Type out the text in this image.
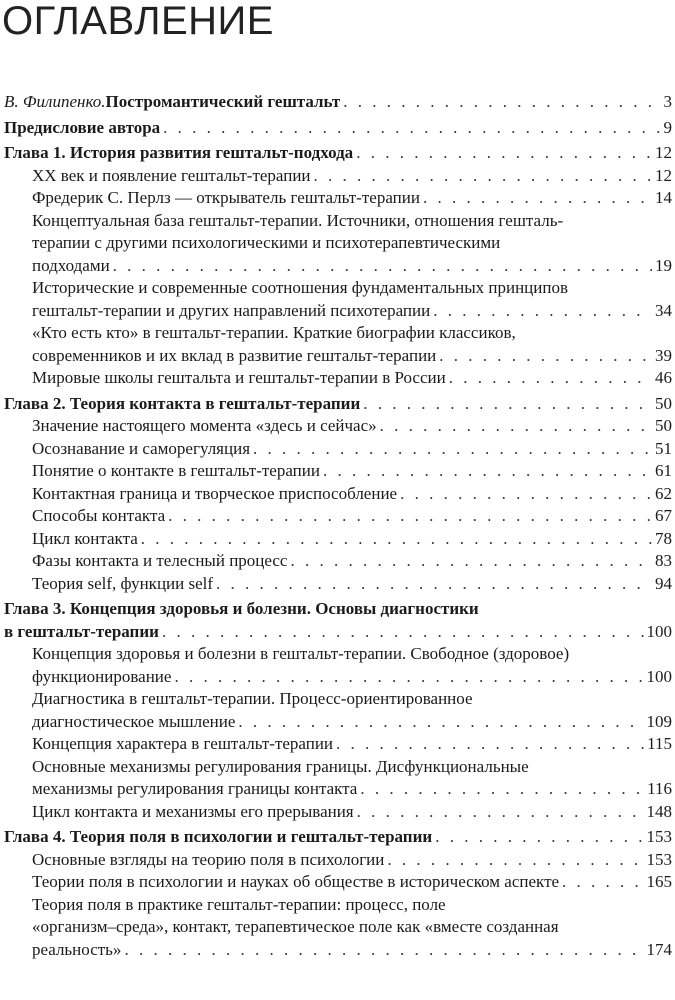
ОГЛАВЛЕНИЕ
В. Филипенко. Постромантический гештальт . . .	3
Предисловие автора . . .	9
Глава 1. История развития гештальт-подхода . . .	12
XX век и появление гештальт-терапии . . .	12
Фредерик С. Перлз — открыватель гештальт-терапии . . .	14
Концептуальная база гештальт-терапии. Источники, отношения гешталь-
терапии с другими психологическими и психотерапевтическими
подходами . . .	19
Исторические и современные соотношения фундаментальных принципов
гештальт-терапии и других направлений психотерапии . . .	34
«Кто есть кто» в гештальт-терапии. Краткие биографии классиков,
современников и их вклад в развитие гештальт-терапии . . .	39
Мировые школы гештальта и гештальт-терапии в России . . .	46
Глава 2. Теория контакта в гештальт-терапии . . .	50
Значение настоящего момента «здесь и сейчас» . . .	50
Осознавание и саморегуляция . . .	51
Понятие о контакте в гештальт-терапии . . .	61
Контактная граница и творческое приспособление . . .	62
Способы контакта . . .	67
Цикл контакта . . .	78
Фазы контакта и телесный процесс . . .	83
Теория self, функции self . . .	94
Глава 3. Концепция здоровья и болезни. Основы диагностики
в гештальт-терапии . . .	100
Концепция здоровья и болезни в гештальт-терапии. Свободное (здоровое)
функционирование . . .	100
Диагностика в гештальт-терапии. Процесс-ориентированное
диагностическое мышление . . .	109
Концепция характера в гештальт-терапии . . .	115
Основные механизмы регулирования границы. Дисфункциональные
механизмы регулирования границы контакта . . .	116
Цикл контакта и механизмы его прерывания . . .	148
Глава 4. Теория поля в психологии и гештальт-терапии . . .	153
Основные взгляды на теорию поля в психологии . . .	153
Теории поля в психологии и науках об обществе в историческом аспекте . . .	165
Теория поля в практике гештальт-терапии: процесс, поле
«организм–среда», контакт, терапевтическое поле как «вместе созданная
реальность» . . .	174
